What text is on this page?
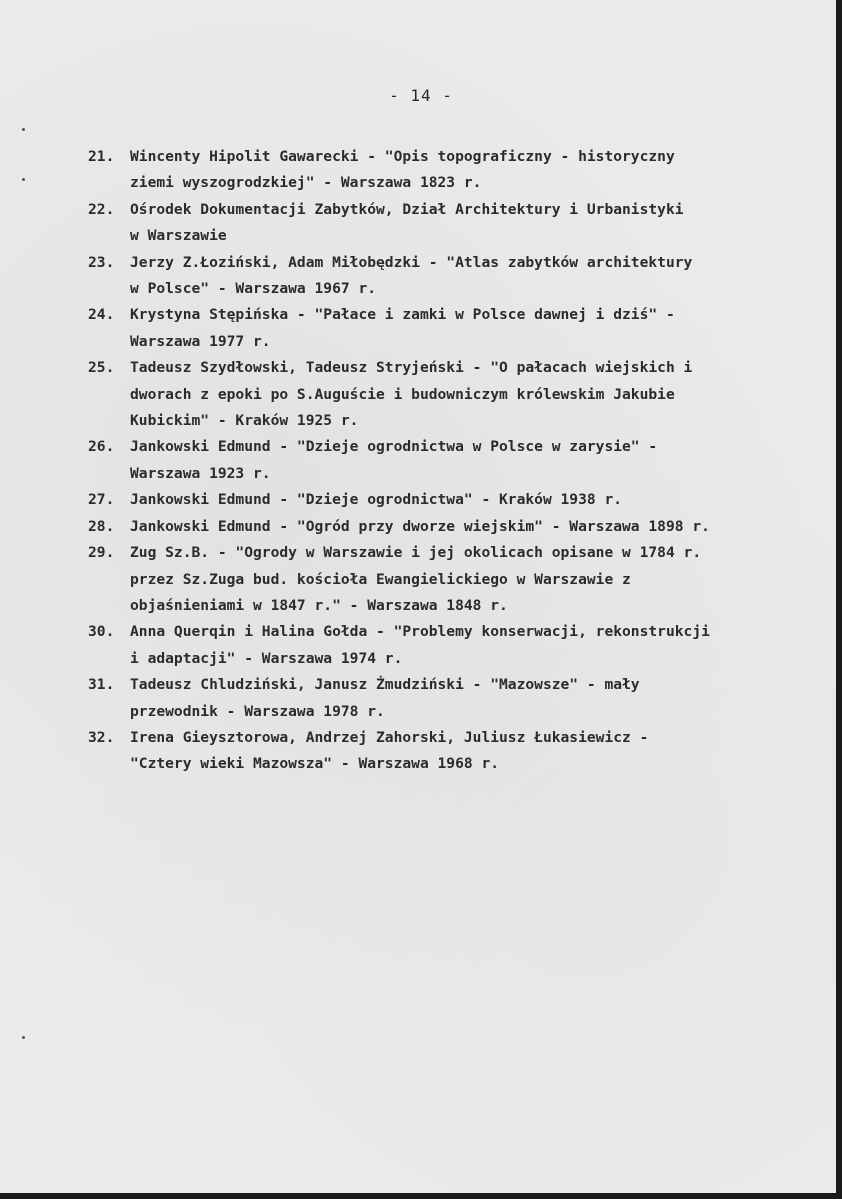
- 14 -
21.	Wincenty Hipolit Gawarecki - "Opis topograficzny - historyczny
ziemi wyszogrodzkiej" - Warszawa 1823 r.
22.	Ośrodek Dokumentacji Zabytków, Dział Architektury i Urbanistyki
w Warszawie
23.	Jerzy Z.Łoziński, Adam Miłobędzki - "Atlas zabytków architektury
w Polsce" - Warszawa 1967 r.
24.	Krystyna Stępińska - "Pałace i zamki w Polsce dawnej i dziś" -
Warszawa 1977 r.
25.	Tadeusz Szydłowski, Tadeusz Stryjeński - "O pałacach wiejskich i
dworach z epoki po S.Auguście i budowniczym królewskim Jakubie
Kubickim" - Kraków 1925 r.
26.	Jankowski Edmund - "Dzieje ogrodnictwa w Polsce w zarysie" -
Warszawa 1923 r.
27.	Jankowski Edmund - "Dzieje ogrodnictwa" - Kraków 1938 r.
28.	Jankowski Edmund - "Ogród przy dworze wiejskim" - Warszawa 1898 r.
29.	Zug Sz.B. - "Ogrody w Warszawie i jej okolicach opisane w 1784 r.
przez Sz.Zuga bud. kościoła Ewangielickiego w Warszawie z
objaśnieniami w 1847 r." - Warszawa 1848 r.
30.	Anna Querqin i Halina Gołda - "Problemy konserwacji, rekonstrukcji
i adaptacji" - Warszawa 1974 r.
31.	Tadeusz Chludziński, Janusz Żmudziński - "Mazowsze" - mały
przewodnik - Warszawa 1978 r.
32.	Irena Gieysztorowa, Andrzej Zahorski, Juliusz Łukasiewicz -
"Cztery wieki Mazowsza" - Warszawa 1968 r.
